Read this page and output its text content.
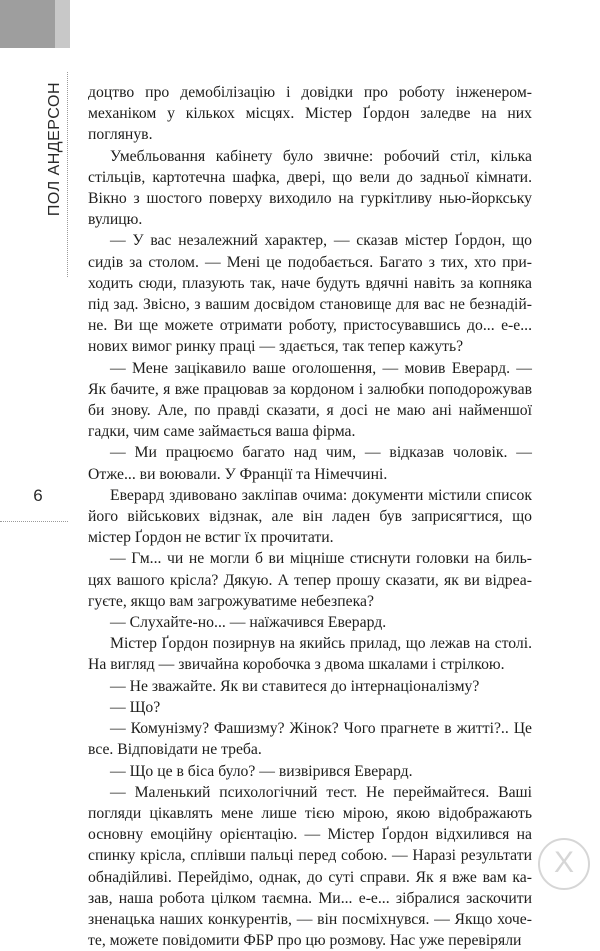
ПОЛ АНДЕРСОН
6

доцтво про демобілізацію і довідки про роботу інженером-механіком у кількох місцях. Містер Ґордон заледве на них поглянув.

Умебльовання кабінету було звичне: робочий стіл, кілька стільців, картотечна шафка, двері, що вели до задньої кімнати. Вікно з шостого поверху виходило на гуркітливу нью-йоркську вулицю.

— У вас незалежний характер, — сказав містер Ґордон, що сидів за столом. — Мені це подобається. Багато з тих, хто приходить сюди, плазують так, наче будуть вдячні навіть за копняка під зад. Звісно, з вашим досвідом становище для вас не безнадійне. Ви ще можете отримати роботу, пристосувавшись до... е-е... нових вимог ринку праці — здається, так тепер кажуть?

— Мене зацікавило ваше оголошення, — мовив Еверард. — Як бачите, я вже працював за кордоном і залюбки пoподорожував би знову. Але, по правді сказати, я досі не маю ані найменшої гадки, чим саме займається ваша фірма.

— Ми працюємо багато над чим, — відказав чоловік. — Отже... ви воювали. У Франції та Німеччині.

Еверард здивовано заклiпав очима: документи містили список його військових відзнак, але він ладен був заприсягтися, що містер Ґордон не встиг їх прочитати.

— Гм... чи не могли б ви міцніше стиснути головки на бильцях вашого крісла? Дякую. А тепер прошу сказати, як ви відреагуєте, якщо вам загрожуватиме небезпека?

— Слухайте-но... — наїжачився Еверард.

Містер Ґордон позирнув на якийсь прилад, що лежав на столі. На вигляд — звичайна коробочка з двома шкалами і стрілкою.

— Не зважайте. Як ви ставитеся до інтернаціоналізму?

— Що?

— Комунізму? Фашизму? Жінок? Чого прагнете в житті?.. Це все. Відповідати не треба.

— Що це в біса було? — визвірився Еверард.

— Маленький психологічний тест. Не переймайтеся. Ваші погляди цікавлять мене лише тією мірою, якою відображають основну емоційну орієнтацію. — Містер Ґордон відхилився на спинку крісла, сплівши пальці перед собою. — Наразі результати обнадійливі. Перейдімо, однак, до суті справи. Як я вже вам казав, наша робота цілком таємна. Ми... е-е... зібралися заскочити зненацька наших конкурентів, — він посміхнувся. — Якщо хочете, можете повідомити ФБР про цю розмову. Нас уже перевіряли

X
